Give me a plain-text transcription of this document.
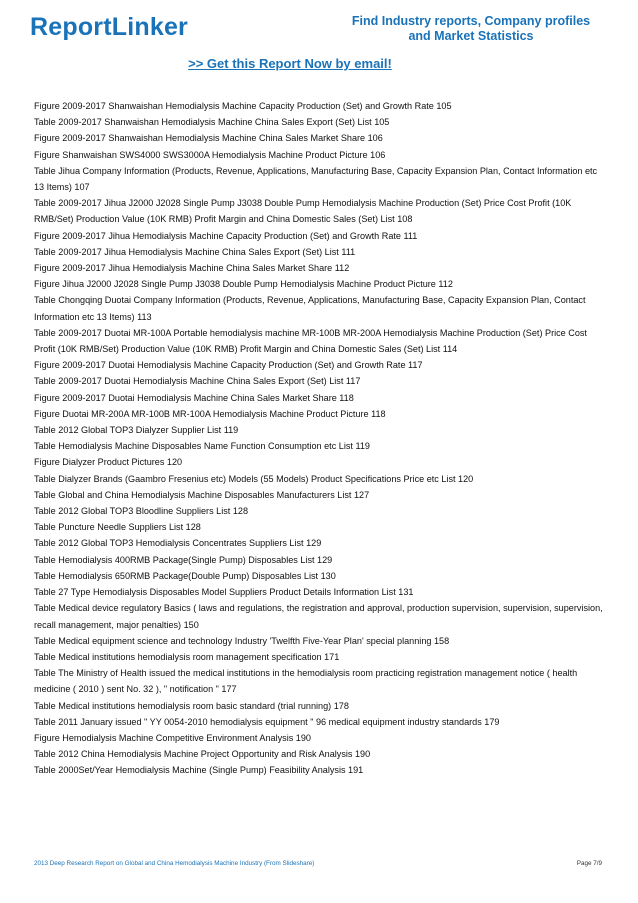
ReportLinker	Find Industry reports, Company profiles
and Market Statistics
>> Get this Report Now by email!
Figure 2009-2017 Shanwaishan Hemodialysis Machine Capacity Production (Set) and Growth Rate 105
Table 2009-2017 Shanwaishan Hemodialysis Machine China Sales Export (Set) List 105
Figure 2009-2017 Shanwaishan Hemodialysis Machine China Sales Market Share 106
Figure Shanwaishan SWS4000 SWS3000A Hemodialysis Machine Product Picture 106
Table Jihua Company Information (Products, Revenue, Applications, Manufacturing Base, Capacity Expansion Plan, Contact Information etc 13 Items) 107
Table 2009-2017 Jihua J2000 J2028 Single Pump J3038 Double Pump Hemodialysis Machine Production (Set) Price Cost Profit (10K RMB/Set) Production Value (10K RMB) Profit Margin and China Domestic Sales (Set) List 108
Figure 2009-2017 Jihua Hemodialysis Machine Capacity Production (Set) and Growth Rate 111
Table 2009-2017 Jihua Hemodialysis Machine China Sales Export (Set) List 111
Figure 2009-2017 Jihua Hemodialysis Machine China Sales Market Share 112
Figure Jihua J2000 J2028 Single Pump J3038 Double Pump Hemodialysis Machine Product Picture 112
Table Chongqing Duotai Company Information (Products, Revenue, Applications, Manufacturing Base, Capacity Expansion Plan, Contact Information etc 13 Items) 113
Table 2009-2017 Duotai MR-100A Portable hemodialysis machine MR-100B MR-200A Hemodialysis Machine Production (Set) Price Cost Profit (10K RMB/Set) Production Value (10K RMB) Profit Margin and China Domestic Sales (Set) List 114
Figure 2009-2017 Duotai Hemodialysis Machine Capacity Production (Set) and Growth Rate 117
Table 2009-2017 Duotai Hemodialysis Machine China Sales Export (Set) List 117
Figure 2009-2017 Duotai Hemodialysis Machine China Sales Market Share 118
Figure Duotai MR-200A MR-100B MR-100A Hemodialysis Machine Product Picture 118
Table 2012 Global TOP3 Dialyzer Supplier List 119
Table Hemodialysis Machine Disposables Name Function Consumption etc List 119
Figure Dialyzer Product Pictures 120
Table Dialyzer Brands (Gaambro Fresenius etc) Models (55 Models) Product Specifications Price etc List 120
Table Global and China Hemodialysis Machine Disposables Manufacturers List 127
Table 2012 Global TOP3 Bloodline Suppliers List 128
Table Puncture Needle Suppliers List 128
Table 2012 Global TOP3 Hemodialysis Concentrates Suppliers List 129
Table Hemodialysis 400RMB Package(Single Pump) Disposables List 129
Table Hemodialysis 650RMB Package(Double Pump) Disposables List 130
Table 27 Type Hemodialysis Disposables Model Suppliers Product Details Information List 131
Table Medical device regulatory Basics ( laws and regulations, the registration and approval, production supervision, supervision, supervision, recall management, major penalties) 150
Table Medical equipment science and technology Industry 'Twelfth Five-Year Plan' special planning 158
Table Medical institutions hemodialysis room management specification 171
Table The Ministry of Health issued the medical institutions in the hemodialysis room practicing registration management notice ( health medicine ( 2010 ) sent No. 32 ), " notification " 177
Table Medical institutions hemodialysis room basic standard (trial running) 178
Table 2011 January issued " YY 0054-2010 hemodialysis equipment " 96 medical equipment industry standards 179
Figure Hemodialysis Machine Competitive Environment Analysis 190
Table 2012 China Hemodialysis Machine Project Opportunity and Risk Analysis 190
Table 2000Set/Year Hemodialysis Machine (Single Pump) Feasibility Analysis 191
2013 Deep Research Report on Global and China Hemodialysis Machine Industry (From Slideshare)	Page 7/9
